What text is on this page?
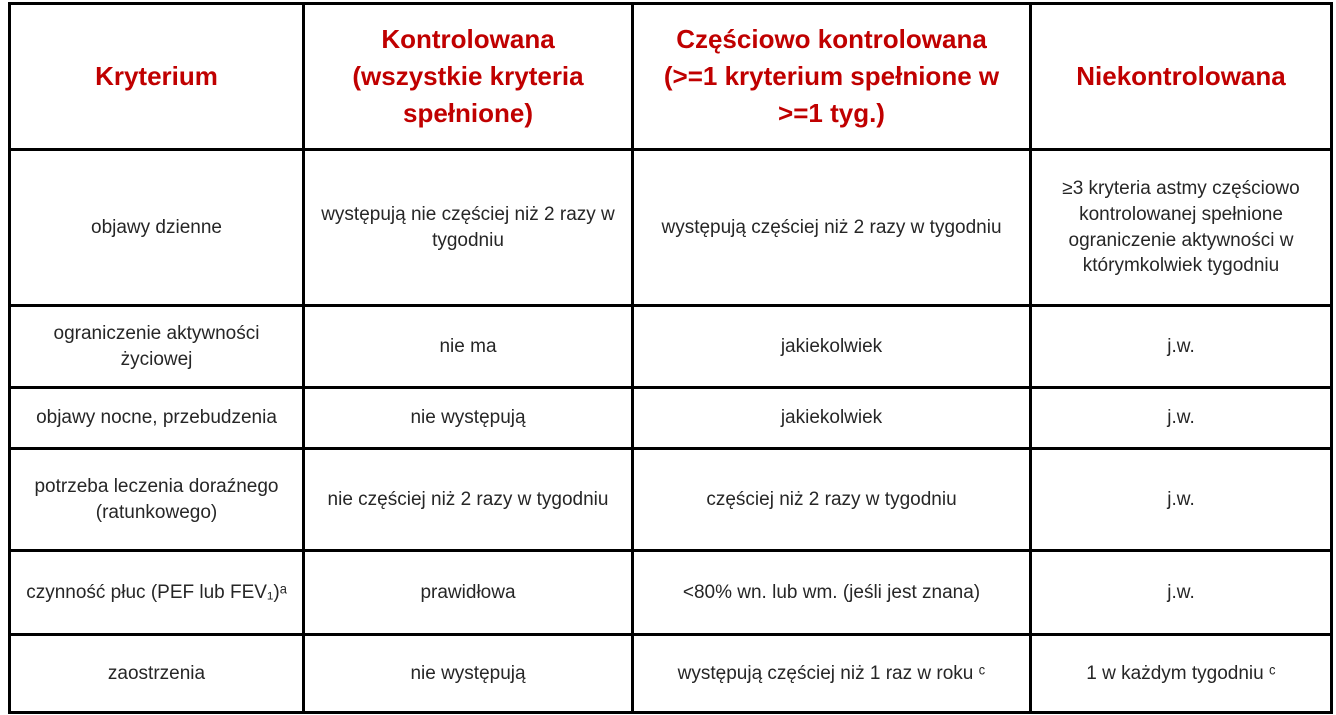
Kryterium	Kontrolowana (wszystkie kryteria spełnione)	Częściowo kontrolowana (>=1 kryterium spełnione w >=1 tyg.)	Niekontrolowana
objawy dzienne	występują nie częściej niż 2 razy w tygodniu	występują częściej niż 2 razy w tygodniu	≥3 kryteria astmy częściowo kontrolowanej spełnione ograniczenie aktywności w którymkolwiek tygodniu
ograniczenie aktywności życiowej	nie ma	jakiekolwiek	j.w.
objawy nocne, przebudzenia	nie występują	jakiekolwiek	j.w.
potrzeba leczenia doraźnego (ratunkowego)	nie częściej niż 2 razy w tygodniu	częściej niż 2 razy w tygodniu	j.w.
czynność płuc (PEF lub FEV₁)ᵃ	prawidłowa	<80% wn. lub wm. (jeśli jest znana)	j.w.
zaostrzenia	nie występują	występują częściej niż 1 raz w roku ᶜ	1 w każdym tygodniu ᶜ
